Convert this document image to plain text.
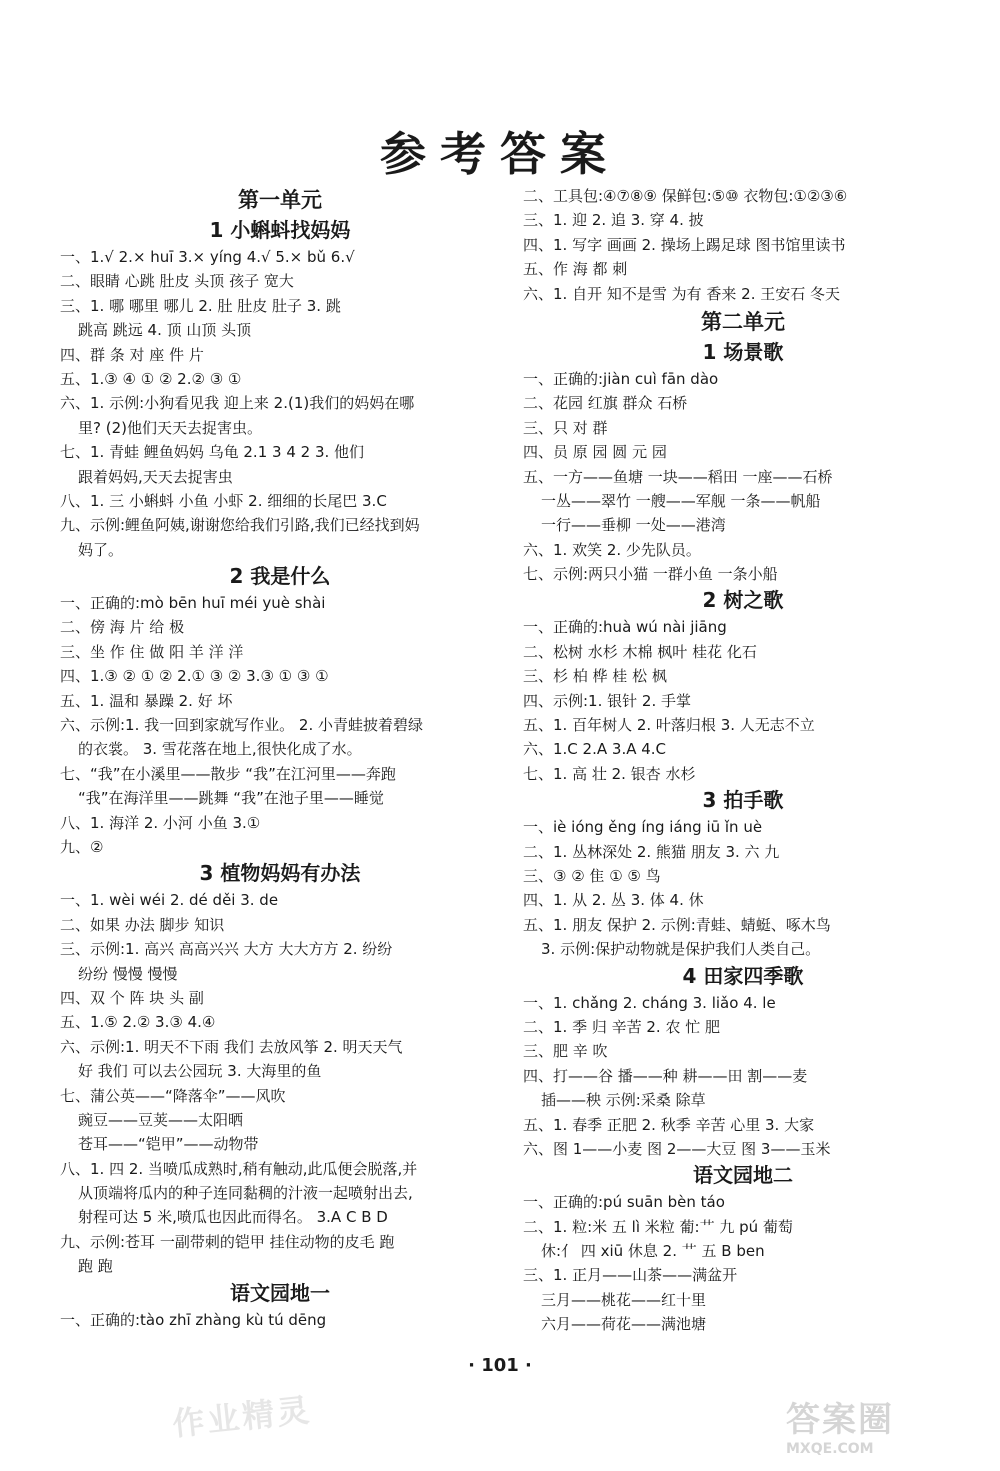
参考答案
第一单元
1 小蝌蚪找妈妈
一、1.√ 2.× huī 3.× yíng 4.√ 5.× bǔ 6.√
二、眼睛 心跳 肚皮 头顶 孩子 宽大
三、1. 哪 哪里 哪儿 2. 肚 肚皮 肚子 3. 跳
跳高 跳远 4. 顶 山顶 头顶
四、群 条 对 座 件 片
五、1.③ ④ ① ② 2.② ③ ①
六、1. 示例:小狗看见我 迎上来 2.(1)我们的妈妈在哪
里? (2)他们天天去捉害虫。
七、1. 青蛙 鲤鱼妈妈 乌龟 2.1 3 4 2 3. 他们
跟着妈妈,天天去捉害虫
八、1. 三 小蝌蚪 小鱼 小虾 2. 细细的长尾巴 3.C
九、示例:鲤鱼阿姨,谢谢您给我们引路,我们已经找到妈
妈了。
2 我是什么
一、正确的:mò bēn huī méi yuè shài
二、傍 海 片 给 极
三、坐 作 住 做 阳 羊 洋 洋
四、1.③ ② ① ② 2.① ③ ② 3.③ ① ③ ①
五、1. 温和 暴躁 2. 好 坏
六、示例:1. 我一回到家就写作业。 2. 小青蛙披着碧绿
的衣裳。 3. 雪花落在地上,很快化成了水。
七、“我”在小溪里——散步 “我”在江河里——奔跑
“我”在海洋里——跳舞 “我”在池子里——睡觉
八、1. 海洋 2. 小河 小鱼 3.①
九、②
3 植物妈妈有办法
一、1. wèi wéi 2. dé děi 3. de
二、如果 办法 脚步 知识
三、示例:1. 高兴 高高兴兴 大方 大大方方 2. 纷纷
纷纷 慢慢 慢慢
四、双 个 阵 块 头 副
五、1.⑤ 2.② 3.③ 4.④
六、示例:1. 明天不下雨 我们 去放风筝 2. 明天天气
好 我们 可以去公园玩 3. 大海里的鱼
七、蒲公英——“降落伞”——风吹
豌豆——豆荚——太阳晒
苍耳——“铠甲”——动物带
八、1. 四 2. 当喷瓜成熟时,稍有触动,此瓜便会脱落,并
从顶端将瓜内的种子连同黏稠的汁液一起喷射出去,
射程可达 5 米,喷瓜也因此而得名。 3.A C B D
九、示例:苍耳 一副带刺的铠甲 挂住动物的皮毛 跑
跑 跑
语文园地一
一、正确的:tào zhī zhàng kù tú dēng
二、工具包:④⑦⑧⑨ 保鲜包:⑤⑩ 衣物包:①②③⑥
三、1. 迎 2. 追 3. 穿 4. 披
四、1. 写字 画画 2. 操场上踢足球 图书馆里读书
五、作 海 都 刺
六、1. 自开 知不是雪 为有 香来 2. 王安石 冬天
第二单元
1 场景歌
一、正确的:jiàn cuì fān dào
二、花园 红旗 群众 石桥
三、只 对 群
四、员 原 园 圆 元 园
五、一方——鱼塘 一块——稻田 一座——石桥
一丛——翠竹 一艘——军舰 一条——帆船
一行——垂柳 一处——港湾
六、1. 欢笑 2. 少先队员。
七、示例:两只小猫 一群小鱼 一条小船
2 树之歌
一、正确的:huà wú nài jiāng
二、松树 水杉 木棉 枫叶 桂花 化石
三、杉 柏 桦 桂 松 枫
四、示例:1. 银针 2. 手掌
五、1. 百年树人 2. 叶落归根 3. 人无志不立
六、1.C 2.A 3.A 4.C
七、1. 高 壮 2. 银杏 水杉
3 拍手歌
一、iè ióng ěng íng iáng iū ǐn uè
二、1. 丛林深处 2. 熊猫 朋友 3. 六 九
三、③ ② 隹 ① ⑤ 鸟
四、1. 从 2. 丛 3. 体 4. 休
五、1. 朋友 保护 2. 示例:青蛙、蜻蜓、啄木鸟
3. 示例:保护动物就是保护我们人类自己。
4 田家四季歌
一、1. chǎng 2. cháng 3. liǎo 4. le
二、1. 季 归 辛苦 2. 农 忙 肥
三、肥 辛 吹
四、打——谷 播——种 耕——田 割——麦
插——秧 示例:采桑 除草
五、1. 春季 正肥 2. 秋季 辛苦 心里 3. 大家
六、图 1——小麦 图 2——大豆 图 3——玉米
语文园地二
一、正确的:pú suān bèn táo
二、1. 粒:米 五 lì 米粒 葡:艹 九 pú 葡萄
休:亻 四 xiū 休息 2. 艹 五 B ben
三、1. 正月——山茶——满盆开
三月——桃花——红十里
六月——荷花——满池塘
· 101 ·
作业精灵	答案圈
MXQE.COM
